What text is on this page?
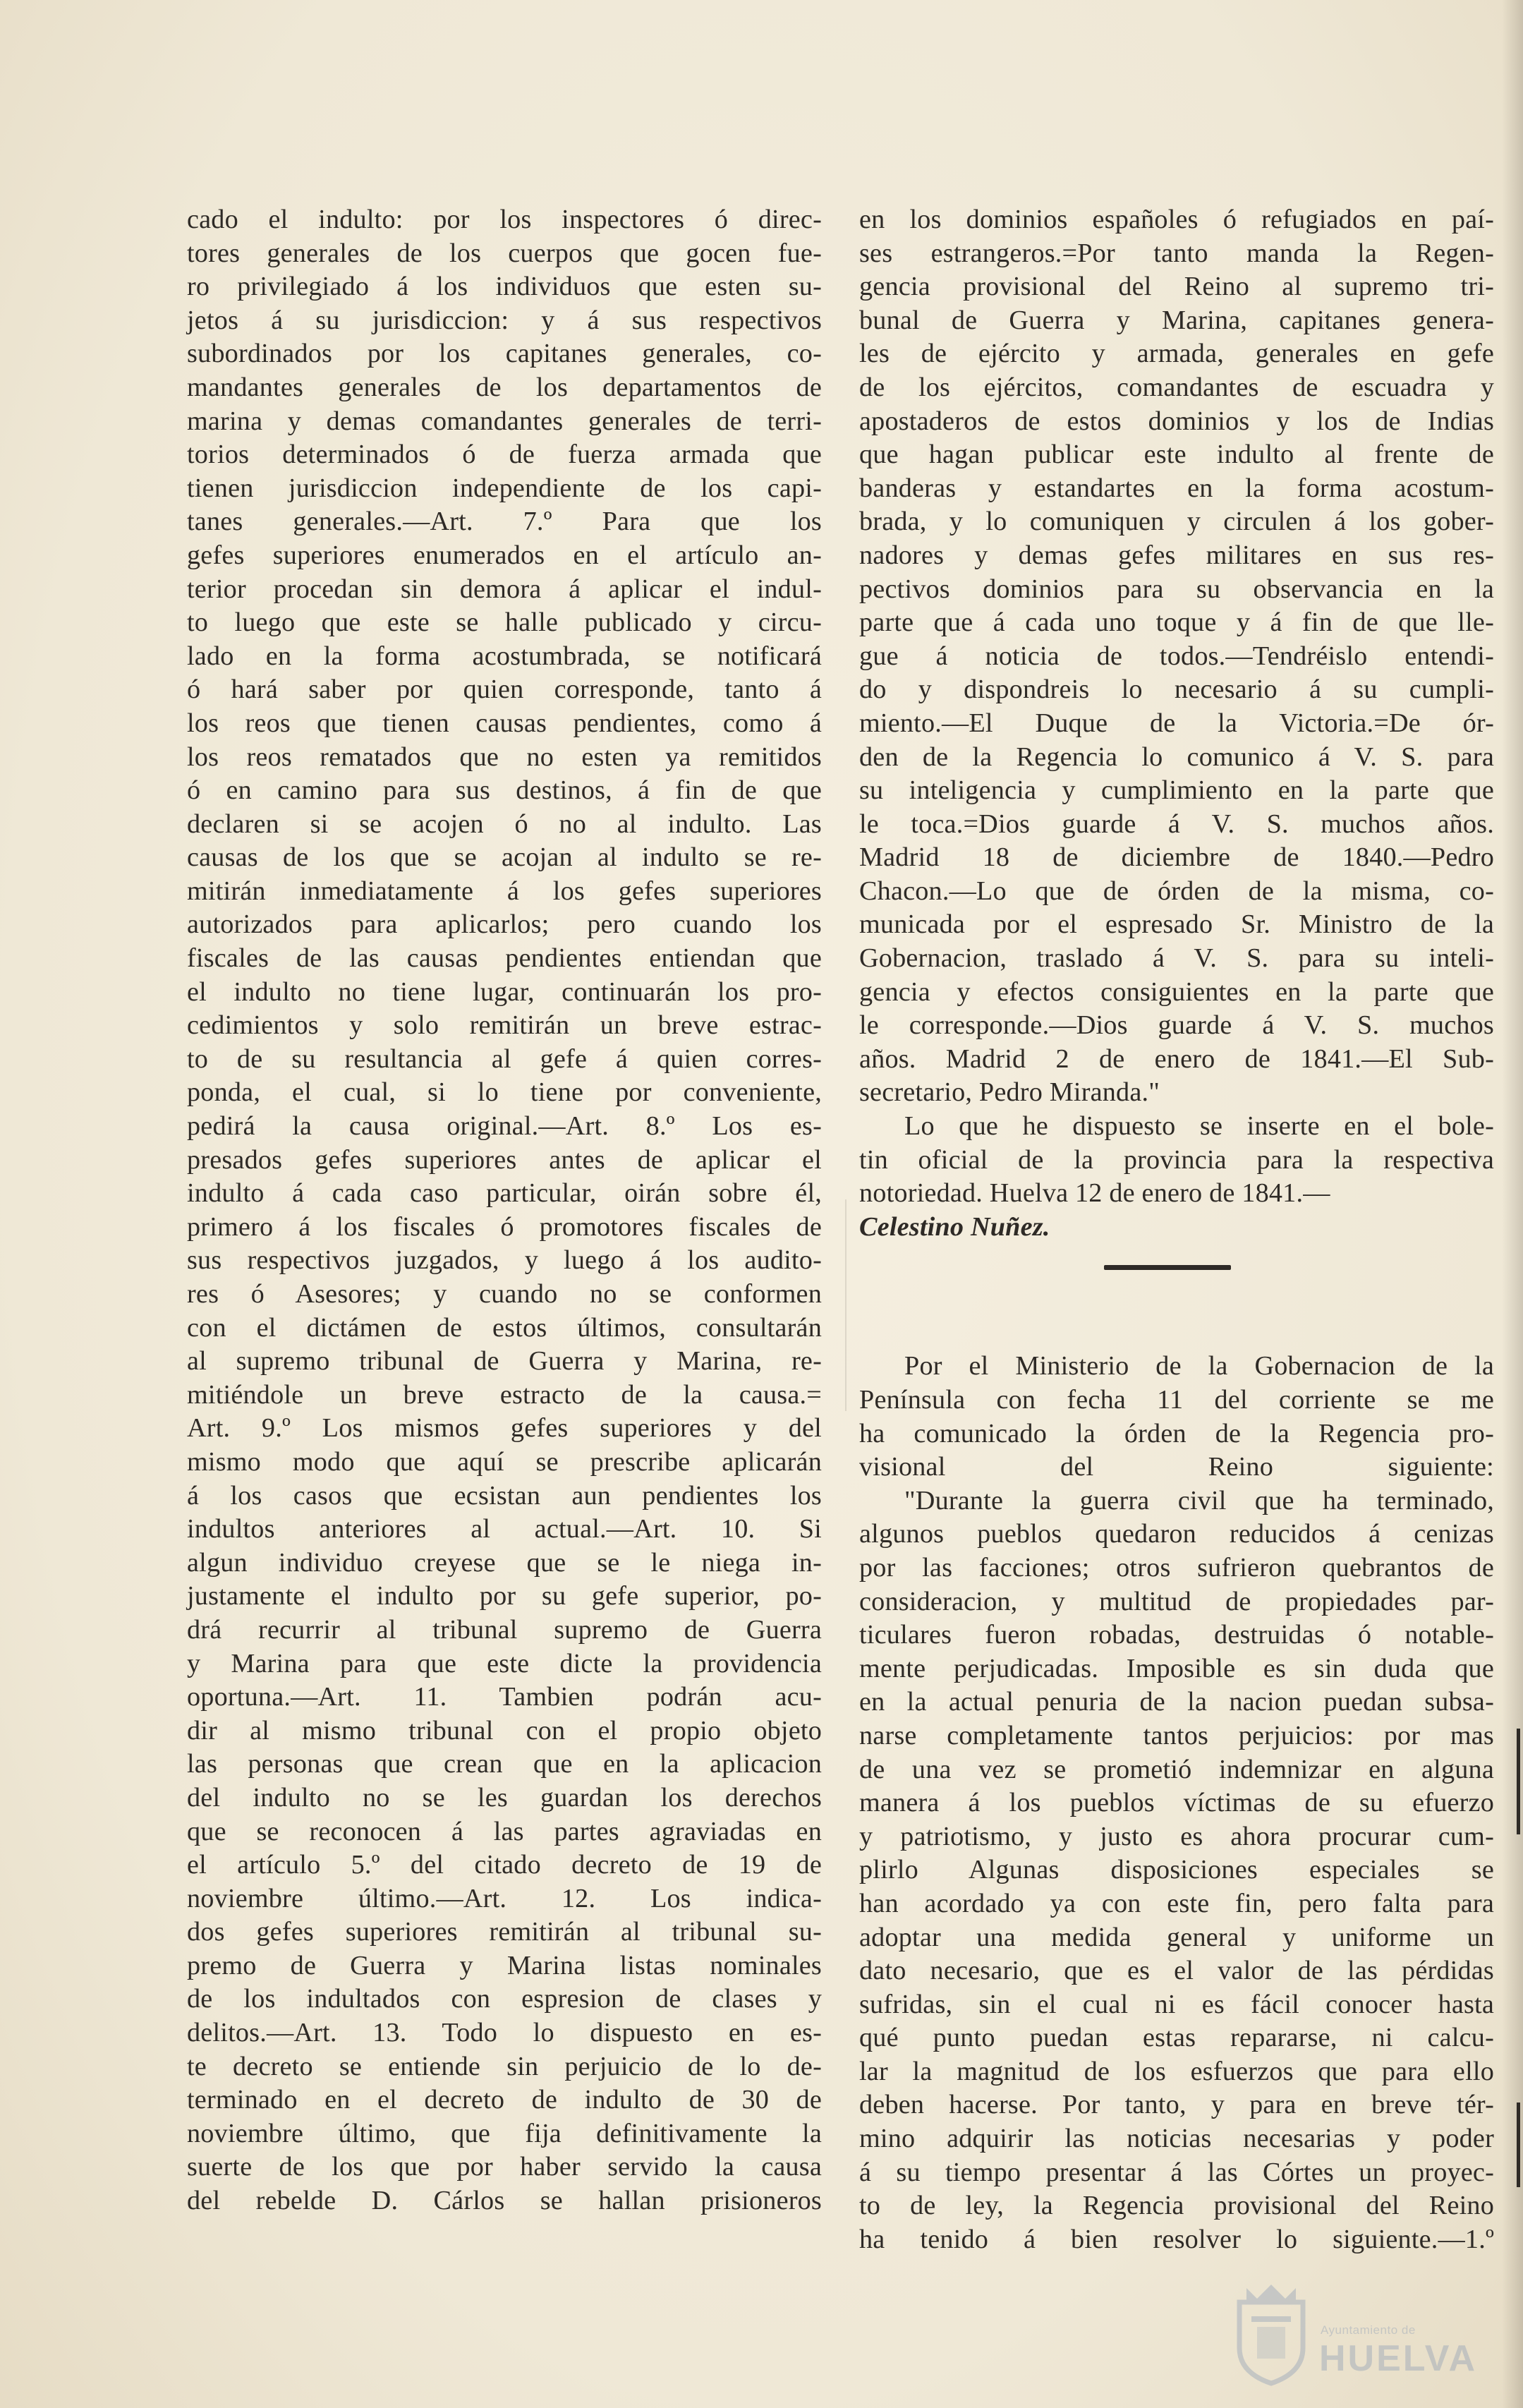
cado el indulto: por los inspectores ó direc-
tores generales de los cuerpos que gocen fue-
ro privilegiado á los individuos que esten su-
jetos á su jurisdiccion: y á sus respectivos
subordinados por los capitanes generales, co-
mandantes generales de los departamentos de
marina y demas comandantes generales de terri-
torios determinados ó de fuerza armada que
tienen jurisdiccion independiente de los capi-
tanes generales.—Art. 7.º Para que los
gefes superiores enumerados en el artículo an-
terior procedan sin demora á aplicar el indul-
to luego que este se halle publicado y circu-
lado en la forma acostumbrada, se notificará
ó hará saber por quien corresponde, tanto á
los reos que tienen causas pendientes, como á
los reos rematados que no esten ya remitidos
ó en camino para sus destinos, á fin de que
declaren si se acojen ó no al indulto. Las
causas de los que se acojan al indulto se re-
mitirán inmediatamente á los gefes superiores
autorizados para aplicarlos; pero cuando los
fiscales de las causas pendientes entiendan que
el indulto no tiene lugar, continuarán los pro-
cedimientos y solo remitirán un breve estrac-
to de su resultancia al gefe á quien corres-
ponda, el cual, si lo tiene por conveniente,
pedirá la causa original.—Art. 8.º Los es-
presados gefes superiores antes de aplicar el
indulto á cada caso particular, oirán sobre él,
primero á los fiscales ó promotores fiscales de
sus respectivos juzgados, y luego á los audito-
res ó Asesores; y cuando no se conformen
con el dictámen de estos últimos, consultarán
al supremo tribunal de Guerra y Marina, re-
mitiéndole un breve estracto de la causa.=
Art. 9.º Los mismos gefes superiores y del
mismo modo que aquí se prescribe aplicarán
á los casos que ecsistan aun pendientes los
indultos anteriores al actual.—Art. 10. Si
algun individuo creyese que se le niega in-
justamente el indulto por su gefe superior, po-
drá recurrir al tribunal supremo de Guerra
y Marina para que este dicte la providencia
oportuna.—Art. 11. Tambien podrán acu-
dir al mismo tribunal con el propio objeto
las personas que crean que en la aplicacion
del indulto no se les guardan los derechos
que se reconocen á las partes agraviadas en
el artículo 5.º del citado decreto de 19 de
noviembre último.—Art. 12. Los indica-
dos gefes superiores remitirán al tribunal su-
premo de Guerra y Marina listas nominales
de los indultados con espresion de clases y
delitos.—Art. 13. Todo lo dispuesto en es-
te decreto se entiende sin perjuicio de lo de-
terminado en el decreto de indulto de 30 de
noviembre último, que fija definitivamente la
suerte de los que por haber servido la causa
del rebelde D. Cárlos se hallan prisioneros
en los dominios españoles ó refugiados en paí-
ses estrangeros.=Por tanto manda la Regen-
gencia provisional del Reino al supremo tri-
bunal de Guerra y Marina, capitanes genera-
les de ejército y armada, generales en gefe
de los ejércitos, comandantes de escuadra y
apostaderos de estos dominios y los de Indias
que hagan publicar este indulto al frente de
banderas y estandartes en la forma acostum-
brada, y lo comuniquen y circulen á los gober-
nadores y demas gefes militares en sus res-
pectivos dominios para su observancia en la
parte que á cada uno toque y á fin de que lle-
gue á noticia de todos.—Tendréislo entendi-
do y dispondreis lo necesario á su cumpli-
miento.—El Duque de la Victoria.=De ór-
den de la Regencia lo comunico á V. S. para
su inteligencia y cumplimiento en la parte que
le toca.=Dios guarde á V. S. muchos años.
Madrid 18 de diciembre de 1840.—Pedro
Chacon.—Lo que de órden de la misma, co-
municada por el espresado Sr. Ministro de la
Gobernacion, traslado á V. S. para su inteli-
gencia y efectos consiguientes en la parte que
le corresponde.—Dios guarde á V. S. muchos
años. Madrid 2 de enero de 1841.—El Sub-
secretario, Pedro Miranda."
Lo que he dispuesto se inserte en el bole-
tin oficial de la provincia para la respectiva
notoriedad. Huelva 12 de enero de 1841.—
Celestino Nuñez.
Por el Ministerio de la Gobernacion de la
Península con fecha 11 del corriente se me
ha comunicado la órden de la Regencia pro-
visional del Reino siguiente:
"Durante la guerra civil que ha terminado,
algunos pueblos quedaron reducidos á cenizas
por las facciones; otros sufrieron quebrantos de
consideracion, y multitud de propiedades par-
ticulares fueron robadas, destruidas ó notable-
mente perjudicadas. Imposible es sin duda que
en la actual penuria de la nacion puedan subsa-
narse completamente tantos perjuicios: por mas
de una vez se prometió indemnizar en alguna
manera á los pueblos víctimas de su efuerzo
y patriotismo, y justo es ahora procurar cum-
plirlo Algunas disposiciones especiales se
han acordado ya con este fin, pero falta para
adoptar una medida general y uniforme un
dato necesario, que es el valor de las pérdidas
sufridas, sin el cual ni es fácil conocer hasta
qué punto puedan estas repararse, ni calcu-
lar la magnitud de los esfuerzos que para ello
deben hacerse. Por tanto, y para en breve tér-
mino adquirir las noticias necesarias y poder
á su tiempo presentar á las Córtes un proyec-
to de ley, la Regencia provisional del Reino
ha tenido á bien resolver lo siguiente.—1.º
Ayuntamiento de
HUELVA
